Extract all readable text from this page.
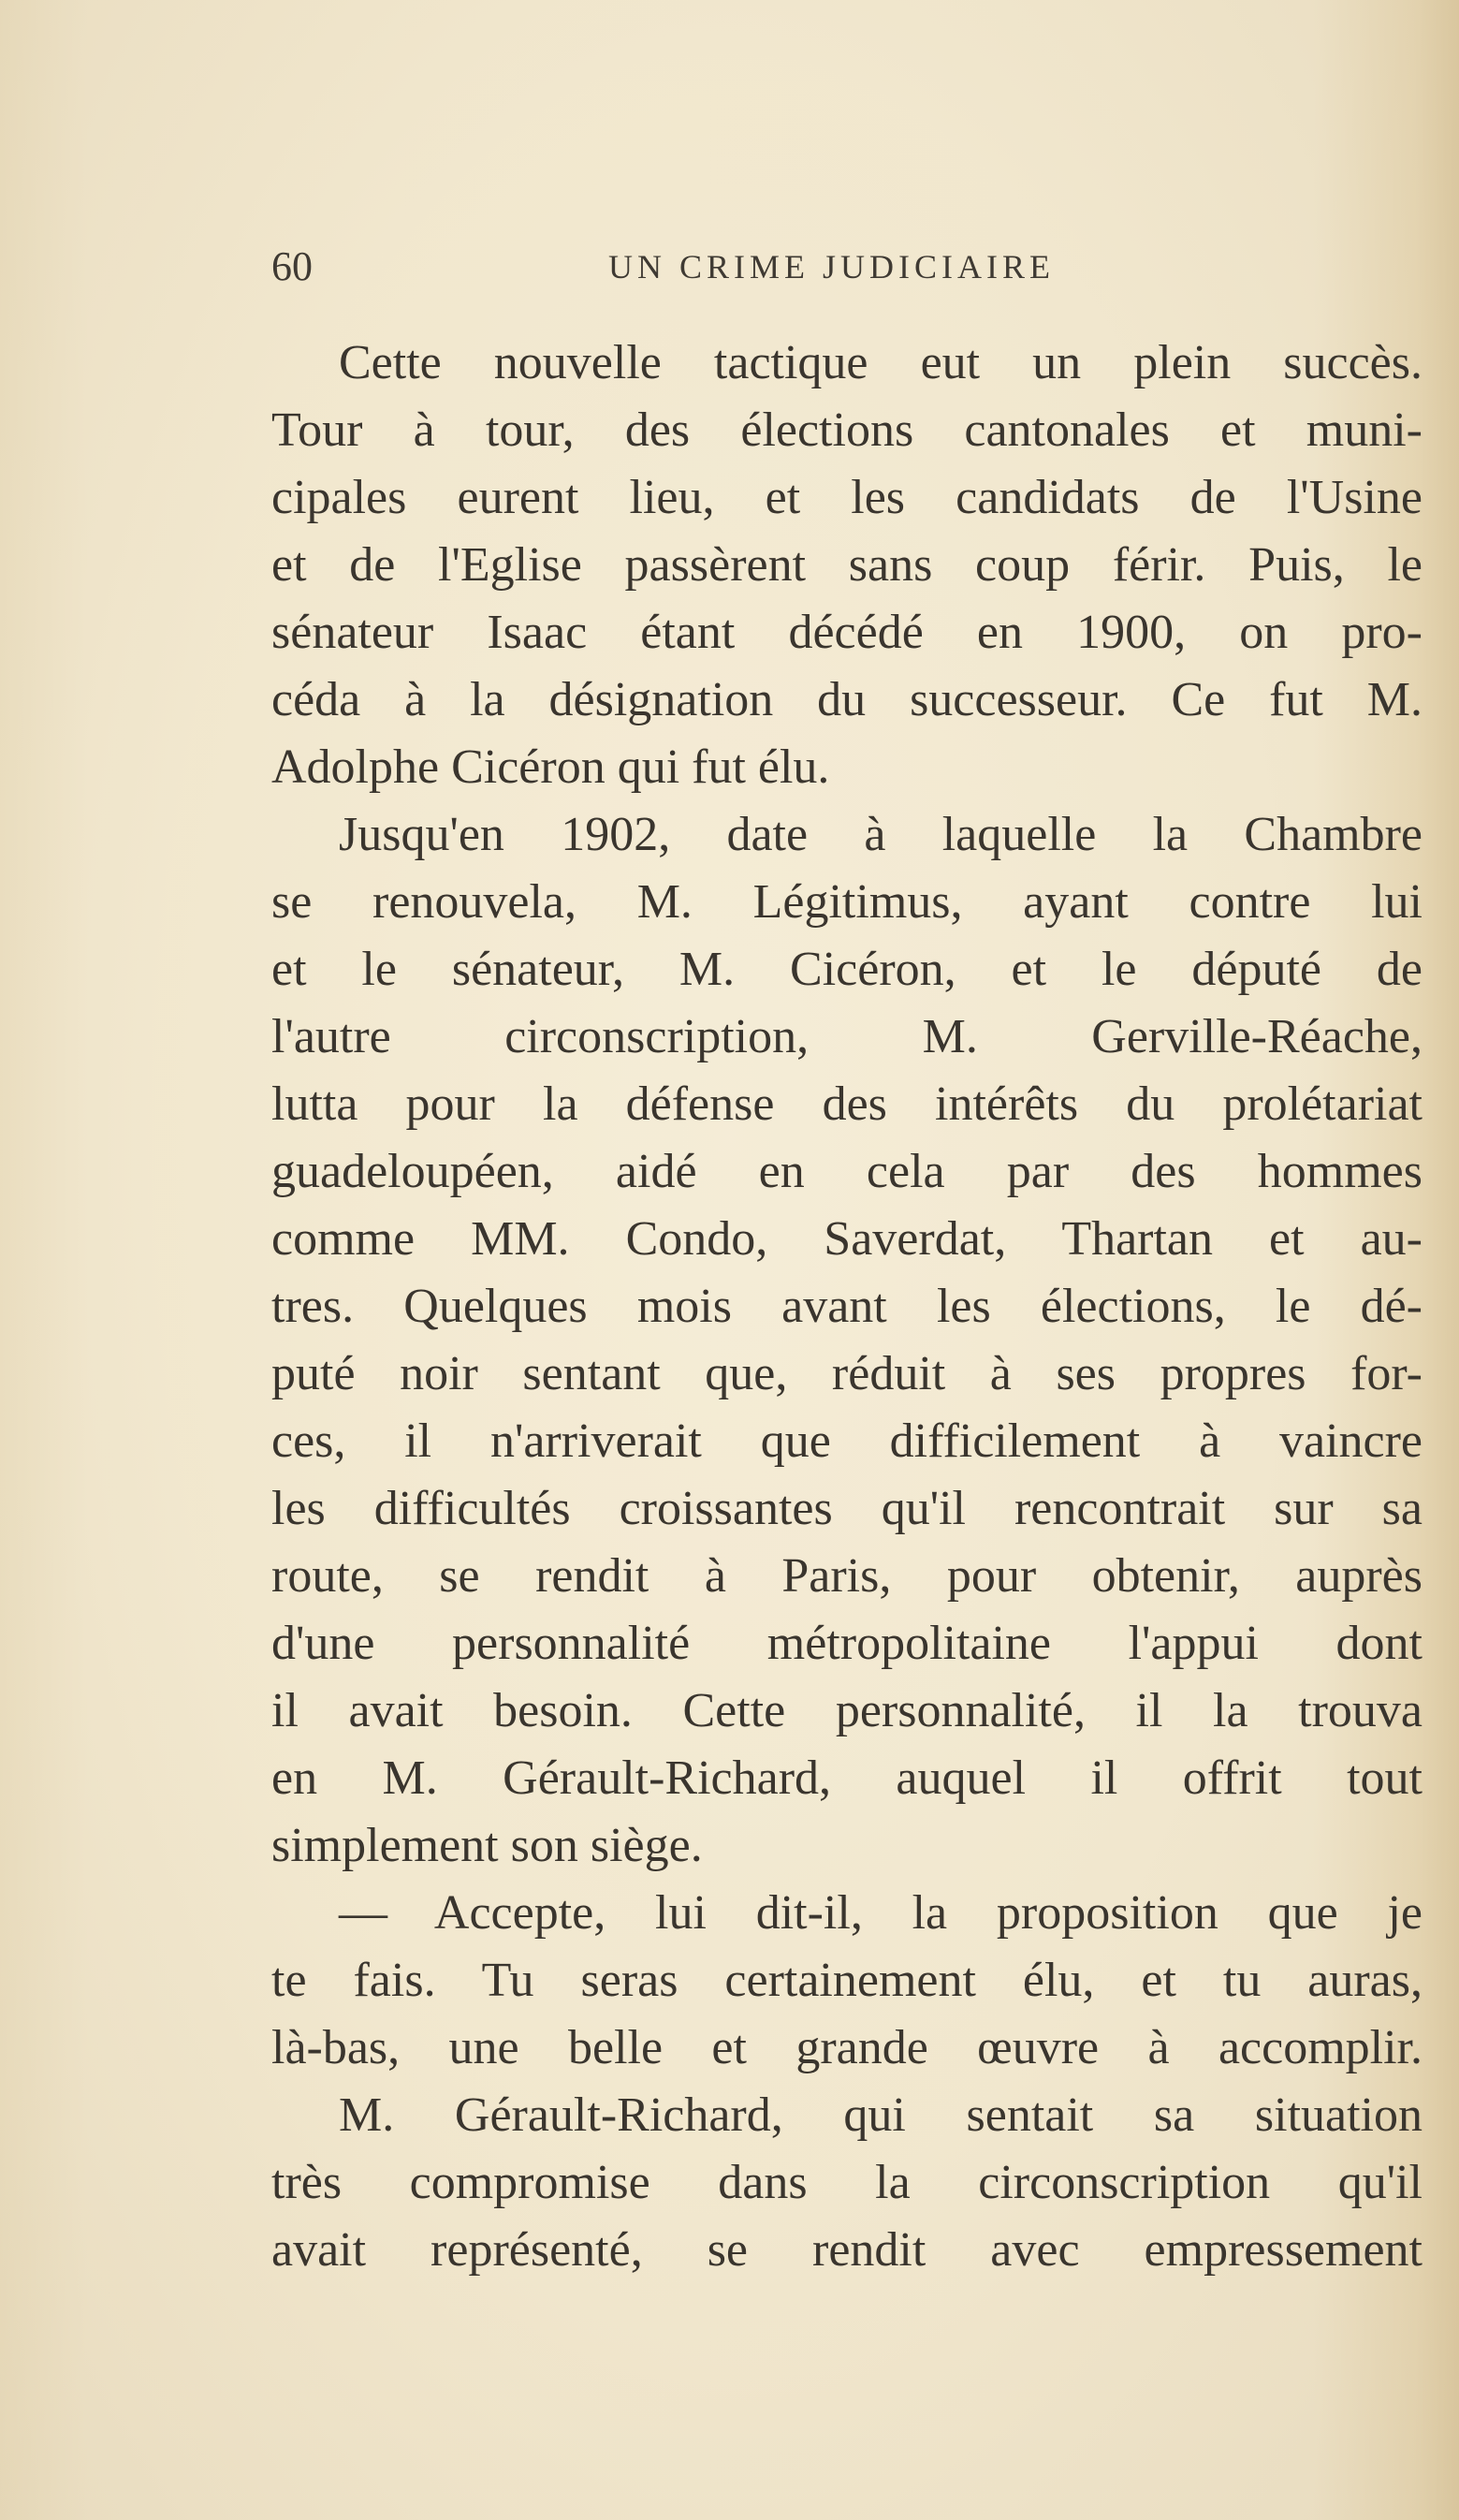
60	UN CRIME JUDICIAIRE
Cette nouvelle tactique eut un plein succès.
Tour à tour, des élections cantonales et muni-
cipales eurent lieu, et les candidats de l'Usine
et de l'Eglise passèrent sans coup férir. Puis, le
sénateur Isaac étant décédé en 1900, on pro-
céda à la désignation du successeur. Ce fut M.
Adolphe Cicéron qui fut élu.
Jusqu'en 1902, date à laquelle la Chambre
se renouvela, M. Légitimus, ayant contre lui
et le sénateur, M. Cicéron, et le député de
l'autre circonscription, M. Gerville-Réache,
lutta pour la défense des intérêts du prolétariat
guadeloupéen, aidé en cela par des hommes
comme MM. Condo, Saverdat, Thartan et au-
tres. Quelques mois avant les élections, le dé-
puté noir sentant que, réduit à ses propres for-
ces, il n'arriverait que difficilement à vaincre
les difficultés croissantes qu'il rencontrait sur sa
route, se rendit à Paris, pour obtenir, auprès
d'une personnalité métropolitaine l'appui dont
il avait besoin. Cette personnalité, il la trouva
en M. Gérault-Richard, auquel il offrit tout
simplement son siège.
— Accepte, lui dit-il, la proposition que je
te fais. Tu seras certainement élu, et tu auras,
là-bas, une belle et grande œuvre à accomplir.
M. Gérault-Richard, qui sentait sa situation
très compromise dans la circonscription qu'il
avait représenté, se rendit avec empressement
